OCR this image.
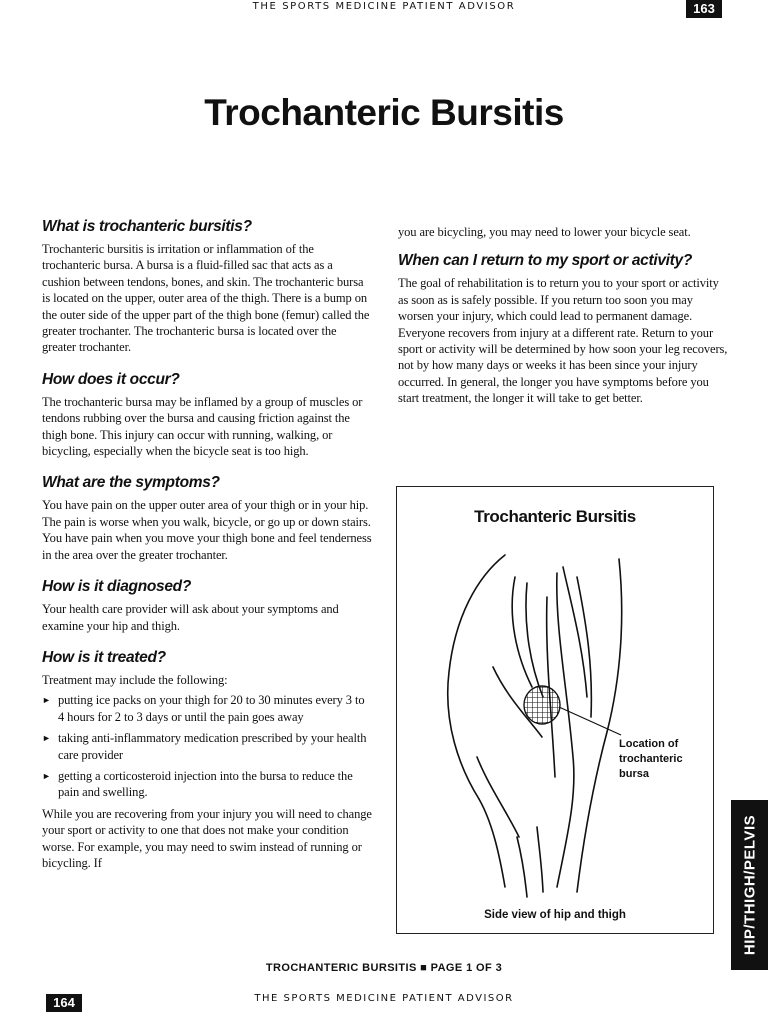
THE SPORTS MEDICINE PATIENT ADVISOR	163
Trochanteric Bursitis
What is trochanteric bursitis?

Trochanteric bursitis is irritation or inflammation of the trochanteric bursa. A bursa is a fluid-filled sac that acts as a cushion between tendons, bones, and skin. The trochanteric bursa is located on the upper, outer area of the thigh. There is a bump on the outer side of the upper part of the thigh bone (femur) called the greater trochanter. The trochanteric bursa is located over the greater trochanter.

How does it occur?

The trochanteric bursa may be inflamed by a group of muscles or tendons rubbing over the bursa and causing friction against the thigh bone. This injury can occur with running, walking, or bicycling, especially when the bicycle seat is too high.

What are the symptoms?

You have pain on the upper outer area of your thigh or in your hip. The pain is worse when you walk, bicycle, or go up or down stairs. You have pain when you move your thigh bone and feel tenderness in the area over the greater trochanter.

How is it diagnosed?

Your health care provider will ask about your symptoms and examine your hip and thigh.

How is it treated?

Treatment may include the following:

► putting ice packs on your thigh for 20 to 30 minutes every 3 to 4 hours for 2 to 3 days or until the pain goes away
► taking anti-inflammatory medication prescribed by your health care provider
► getting a corticosteroid injection into the bursa to reduce the pain and swelling.

While you are recovering from your injury you will need to change your sport or activity to one that does not make your condition worse. For example, you may need to swim instead of running or bicycling. If

you are bicycling, you may need to lower your bicycle seat.

When can I return to my sport or activity?

The goal of rehabilitation is to return you to your sport or activity as soon as is safely possible. If you return too soon you may worsen your injury, which could lead to permanent damage. Everyone recovers from injury at a different rate. Return to your sport or activity will be determined by how soon your leg recovers, not by how many days or weeks it has been since your injury occurred. In general, the longer you have symptoms before you start treatment, the longer it will take to get better.

Trochanteric Bursitis
Location of
trochanteric
bursa
Side view of hip and thigh	HIP/THIGH/PELVIS
TROCHANTERIC BURSITIS ■ PAGE 1 OF 3
164	THE SPORTS MEDICINE PATIENT ADVISOR
